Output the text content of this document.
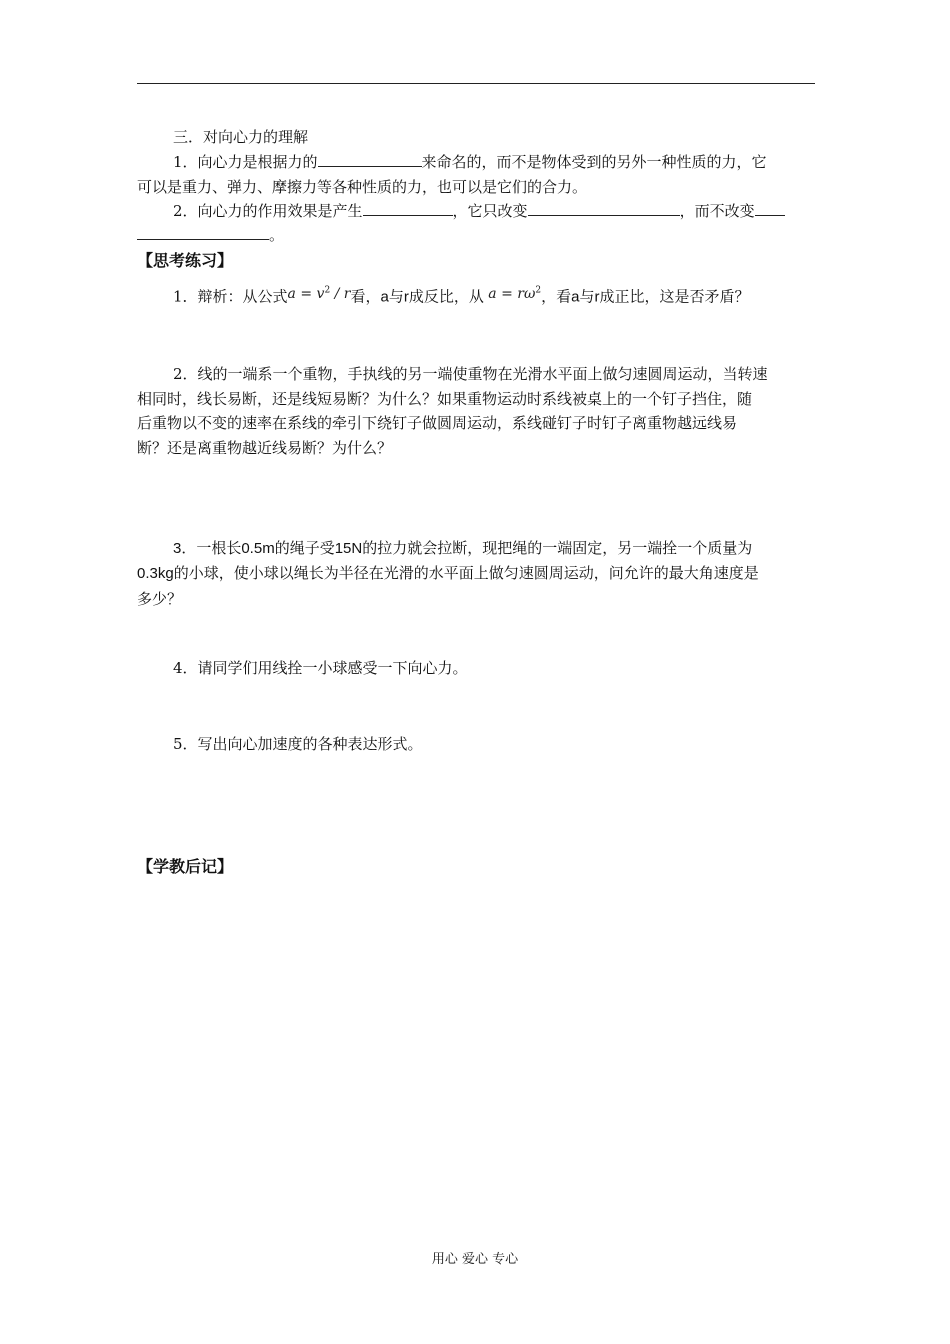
三．对向心力的理解
1．向心力是根据力的	来命名的，而不是物体受到的另外一种性质的力，它
可以是重力、弹力、摩擦力等各种性质的力，也可以是它们的合力。
2．向心力的作用效果是产生	，它只改变	，而不改变
。
【思考练习】
1．辩析：从公式$a = v^2 / r$看，a与r成反比，从 $a = r\omega^2$，看a与r成正比，这是否矛盾？
2．线的一端系一个重物，手执线的另一端使重物在光滑水平面上做匀速圆周运动，当转速
相同时，线长易断，还是线短易断？为什么？如果重物运动时系线被桌上的一个钉子挡住，随
后重物以不变的速率在系线的牵引下绕钉子做圆周运动，系线碰钉子时钉子离重物越远线易
断？还是离重物越近线易断？为什么？
3．一根长0.5m的绳子受15N的拉力就会拉断，现把绳的一端固定，另一端拴一个质量为
0.3kg的小球，使小球以绳长为半径在光滑的水平面上做匀速圆周运动，问允许的最大角速度是
多少？
4．请同学们用线拴一小球感受一下向心力。
5．写出向心加速度的各种表达形式。
【学教后记】
用心 爱心 专心
